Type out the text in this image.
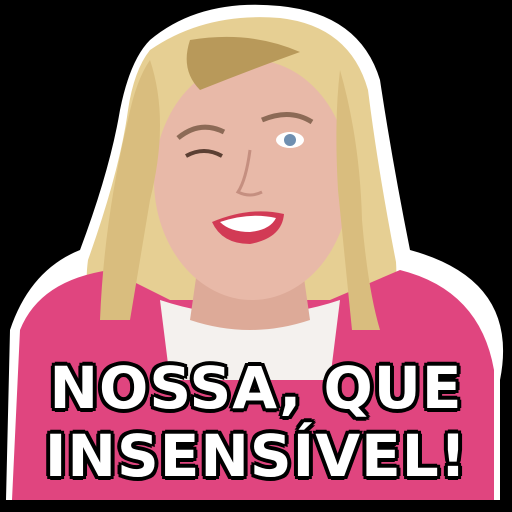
NOSSA, QUE
INSENSÍVEL!
